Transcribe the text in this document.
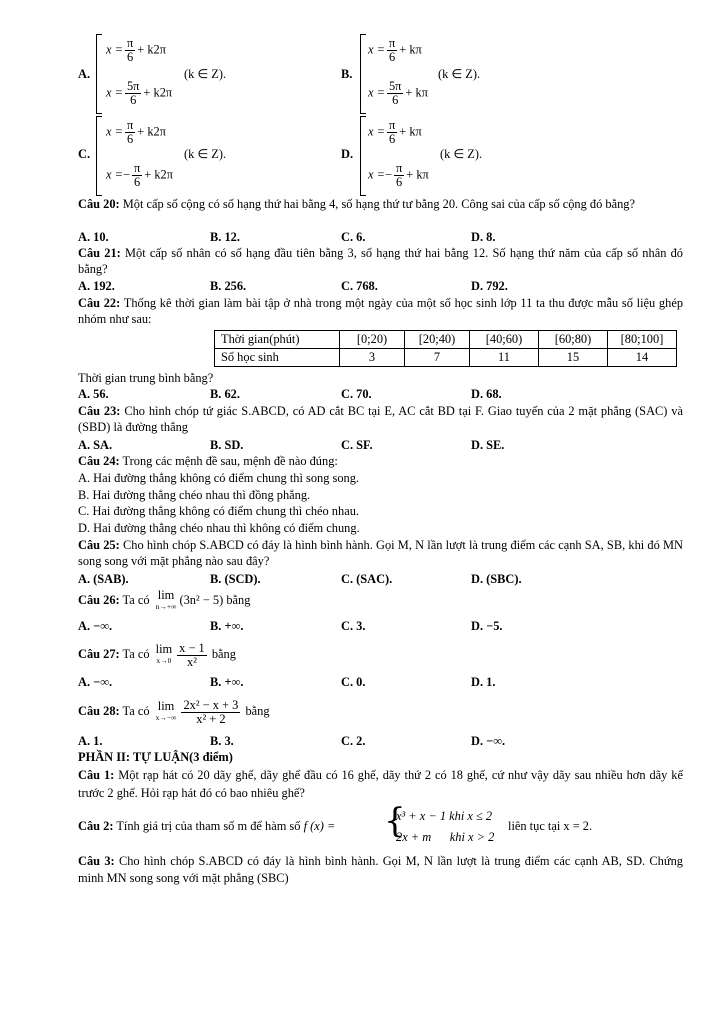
A.
$x = \frac{\pi}{6} + k2\pi$
$x = \frac{5\pi}{6} + k2\pi$
(k ∈ Z).	B.
$x = \frac{\pi}{6} + k\pi$
$x = \frac{5\pi}{6} + k\pi$
(k ∈ Z).
C.
$x = \frac{\pi}{6} + k2\pi$
$x =- \frac{\pi}{6} + k2\pi$
(k ∈ Z).	D.
$x = \frac{\pi}{6} + k\pi$
$x =- \frac{\pi}{6} + k\pi$
(k ∈ Z).
Câu 20: Một cấp số cộng có số hạng thứ hai bằng 4, số hạng thứ tư bằng 20. Công sai của cấp số cộng đó bằng?
A. 10.	B. 12.	C. 6.	D. 8.
Câu 21: Một cấp số nhân có số hạng đầu tiên bằng 3, số hạng thứ hai bằng 12. Số hạng thứ năm của cấp số nhân đó bằng?
A. 192.	B. 256.	C. 768.	D. 792.
Câu 22: Thống kê thời gian làm bài tập ở nhà trong một ngày của một số học sinh lớp 11 ta thu được mẫu số liệu ghép nhóm như sau:
Thời gian(phút)	[0;20)	[20;40)	[40;60)	[60;80)	[80;100]
Số học sinh	3	7	11	15	14
Thời gian trung bình bằng?
A. 56.	B. 62.	C. 70.	D. 68.
Câu 23: Cho hình chóp tứ giác S.ABCD, có AD cắt BC tại E, AC cắt BD tại F. Giao tuyến của 2 mặt phẳng (SAC) và (SBD) là đường thẳng
A. SA.	B. SD.	C. SF.	D. SE.
Câu 24: Trong các mệnh đề sau, mệnh đề nào đúng:
A. Hai đường thẳng không có điểm chung thì song song.
B. Hai đường thẳng chéo nhau thì đồng phẳng.
C. Hai đường thẳng không có điểm chung thì chéo nhau.
D. Hai đường thẳng chéo nhau thì không có điểm chung.
Câu 25: Cho hình chóp S.ABCD có đáy là hình bình hành. Gọi M, N lần lượt là trung điểm các cạnh SA, SB, khi đó MN song song với mặt phẳng nào sau đây?
A. (SAB).	B. (SCD).	C. (SAC).	D. (SBC).
Câu 26: Ta có lim
n→+∞ (3n² − 5) bằng
A. −∞.	B. +∞.	C. 3.	D. −5.
Câu 27: Ta có lim
$x\to 0 \frac{x - 1}{\text{x²}}$ bằng
A. −∞.	B. +∞.	C. 0.	D. 1.
Câu 28: Ta có lim
$x\to-\infty \frac{\text{2x² − x + 3}}{\text{x² + 2}}$ bằng
A. 1.	B. 3.	C. 2.	D. −∞.
PHẦN II: TỰ LUẬN(3 điểm)
Câu 1: Một rạp hát có 20 dãy ghế, dãy ghế đầu có 16 ghế, dãy thứ 2 có 18 ghế, cứ như vậy dãy sau nhiều hơn dãy kế trước 2 ghế. Hỏi rạp hát đó có bao nhiêu ghế?
Câu 2: Tính giá trị của tham số m để hàm số f (x) =	{
x³ + x − 1 khi x ≤ 2
2x + m      khi x > 2
liên tục tại x = 2.
Câu 3: Cho hình chóp S.ABCD có đáy là hình bình hành. Gọi M, N lần lượt là trung điểm các cạnh AB, SD. Chứng minh MN song song với mặt phẳng (SBC)
